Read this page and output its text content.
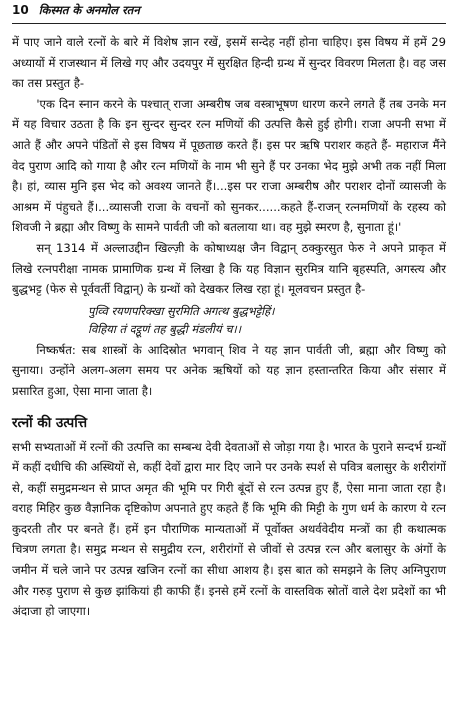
10 किस्मत के अनमोल रतन

में पाए जाने वाले रत्नों के बारे में विशेष ज्ञान रखें, इसमें सन्देह नहीं होना चाहिए। इस विषय में हमें 29 अध्यायों में राजस्थान में लिखे गए और उदयपुर में सुरक्षित हिन्दी ग्रन्थ में सुन्दर विवरण मिलता है। वह जस का तस प्रस्तुत है-

'एक दिन स्नान करने के पश्चात् राजा अम्बरीष जब वस्त्राभूषण धारण करने लगते हैं तब उनके मन में यह विचार उठता है कि इन सुन्दर सुन्दर रत्न मणियों की उत्पत्ति कैसे हुई होगी। राजा अपनी सभा में आते हैं और अपने पंडितों से इस विषय में पूछताछ करते हैं। इस पर ऋषि पराशर कहते हैं- महाराज मैंने वेद पुराण आदि को गाया है और रत्न मणियों के नाम भी सुने हैं पर उनका भेद मुझे अभी तक नहीं मिला है। हां, व्यास मुनि इस भेद को अवश्य जानते हैं।...इस पर राजा अम्बरीष और पराशर दोनों व्यासजी के आश्रम में पंहुचते हैं।...व्यासजी राजा के वचनों को सुनकर......कहते हैं-राजन् रत्नमणियों के रहस्य को शिवजी ने ब्रह्मा और विष्णु के सामने पार्वती जी को बतलाया था। वह मुझे स्मरण है, सुनाता हूं।'

सन् 1314 में अल्लाउद्दीन खिल्ज़ी के कोषाध्यक्ष जैन विद्वान् ठक्कुरसुत फेरु ने अपने प्राकृत में लिखे रत्नपरीक्षा नामक प्रामाणिक ग्रन्थ में लिखा है कि यह विज्ञान सुरमित्र यानि बृहस्पति, अगस्त्य और बुद्धभट्ट (फेरु से पूर्ववर्ती विद्वान्) के ग्रन्थों को देखकर लिख रहा हूं। मूलवचन प्रस्तुत है-

पुव्वि रयणपरिक्खा सुरमिति अगत्थ बुद्धभट्टेहिं।
विहिया तं दट्ठूणं तह बुद्धी मंडलीयं च।।

निष्कर्षत: सब शास्त्रों के आदिस्रोत भगवान् शिव ने यह ज्ञान पार्वती जी, ब्रह्मा और विष्णु को सुनाया। उन्होंने अलग-अलग समय पर अनेक ऋषियों को यह ज्ञान हस्तान्तरित किया और संसार में प्रसारित हुआ, ऐसा माना जाता है।

रत्नों की उत्पत्ति

सभी सभ्यताओं में रत्नों की उत्पत्ति का सम्बन्ध देवी देवताओं से जोड़ा गया है। भारत के पुराने सन्दर्भ ग्रन्थों में कहीं दधीचि की अस्थियों से, कहीं देवों द्वारा मार दिए जाने पर उनके स्पर्श से पवित्र बलासुर के शरीरांगों से, कहीं समुद्रमन्थन से प्राप्त अमृत की भूमि पर गिरी बूंदों से रत्न उत्पन्न हुए हैं, ऐसा माना जाता रहा है। वराह मिहिर कुछ वैज्ञानिक दृष्टिकोण अपनाते हुए कहते हैं कि भूमि की मिट्टी के गुण धर्म के कारण ये रत्न कुदरती तौर पर बनते हैं। हमें इन पौराणिक मान्यताओं में पूर्वोक्त अथर्ववेदीय मन्त्रों का ही कथात्मक चित्रण लगता है। समुद्र मन्थन से समुद्रीय रत्न, शरीरांगों से जीवों से उत्पन्न रत्न और बलासुर के अंगों के जमीन में चले जाने पर उत्पन्न खजिन रत्नों का सीधा आशय है। इस बात को समझने के लिए अग्निपुराण और गरुड़ पुराण से कुछ झांकियां ही काफी हैं। इनसे हमें रत्नों के वास्तविक स्रोतों वाले देश प्रदेशों का भी अंदाजा हो जाएगा।
